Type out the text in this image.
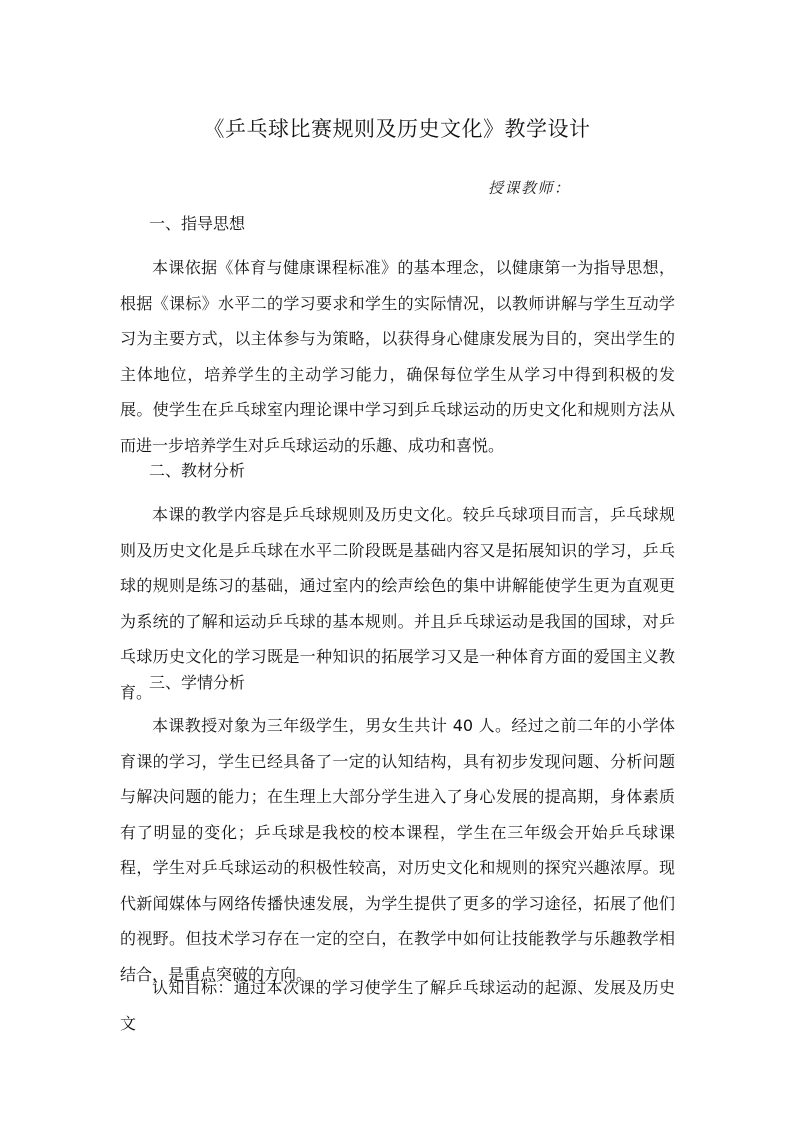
《乒乓球比赛规则及历史文化》教学设计
授课教师：
一、指导思想

本课依据《体育与健康课程标准》的基本理念，以健康第一为指导思想，根据《课标》水平二的学习要求和学生的实际情况，以教师讲解与学生互动学习为主要方式，以主体参与为策略，以获得身心健康发展为目的，突出学生的主体地位，培养学生的主动学习能力，确保每位学生从学习中得到积极的发展。使学生在乒乓球室内理论课中学习到乒乓球运动的历史文化和规则方法从而进一步培养学生对乒乓球运动的乐趣、成功和喜悦。

二、教材分析

本课的教学内容是乒乓球规则及历史文化。较乒乓球项目而言，乒乓球规则及历史文化是乒乓球在水平二阶段既是基础内容又是拓展知识的学习，乒乓球的规则是练习的基础，通过室内的绘声绘色的集中讲解能使学生更为直观更为系统的了解和运动乒乓球的基本规则。并且乒乓球运动是我国的国球，对乒乓球历史文化的学习既是一种知识的拓展学习又是一种体育方面的爱国主义教育。

三、学情分析

本课教授对象为三年级学生，男女生共计 40 人。经过之前二年的小学体育课的学习，学生已经具备了一定的认知结构，具有初步发现问题、分析问题与解决问题的能力；在生理上大部分学生进入了身心发展的提高期，身体素质有了明显的变化；乒乓球是我校的校本课程，学生在三年级会开始乒乓球课程，学生对乒乓球运动的积极性较高，对历史文化和规则的探究兴趣浓厚。现代新闻媒体与网络传播快速发展，为学生提供了更多的学习途径，拓展了他们的视野。但技术学习存在一定的空白，在教学中如何让技能教学与乐趣教学相结合，是重点突破的方向。

认知目标：通过本次课的学习使学生了解乒乓球运动的起源、发展及历史文
